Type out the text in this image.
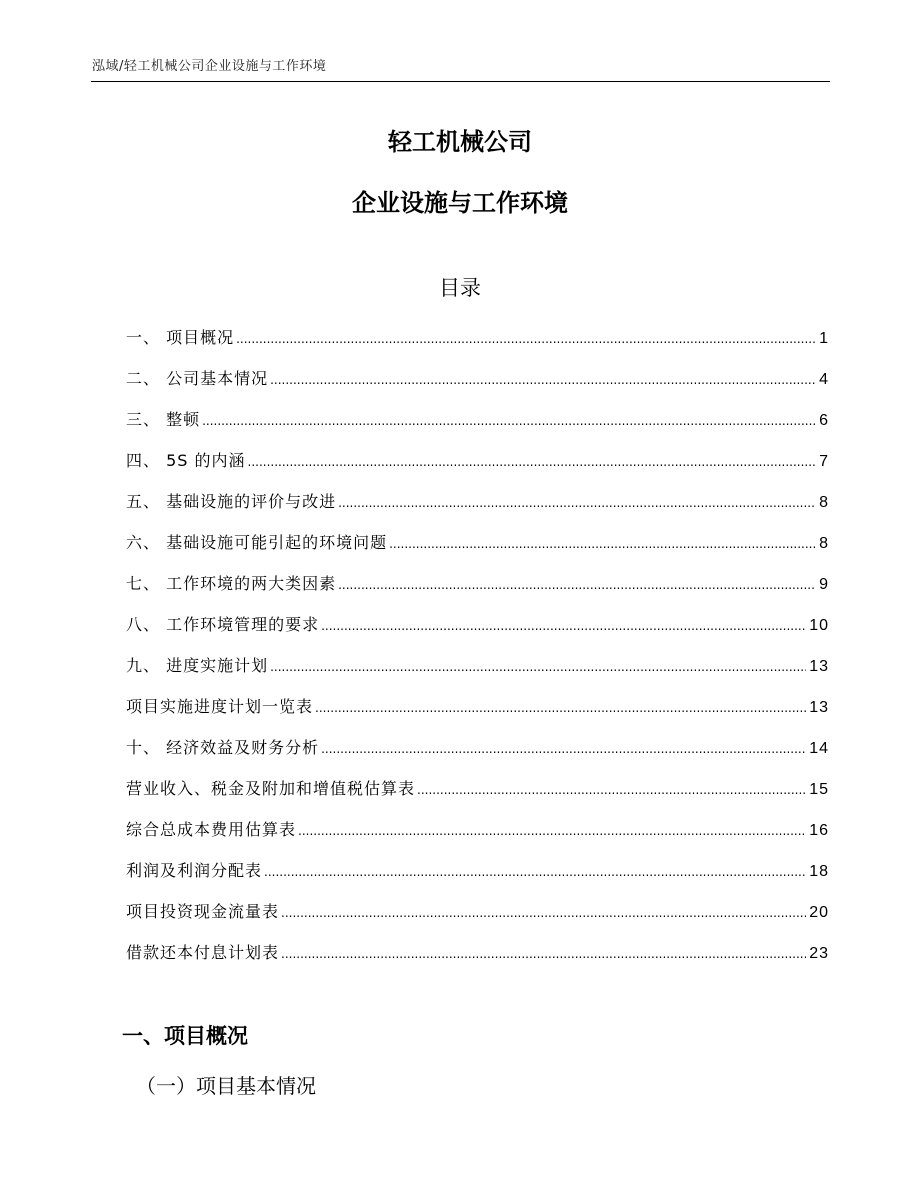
泓域/轻工机械公司企业设施与工作环境
轻工机械公司
企业设施与工作环境
目录
一、 项目概况 .....	1
二、 公司基本情况 .....	4
三、 整顿 .....	6
四、 5S 的内涵 .....	7
五、 基础设施的评价与改进 .....	8
六、 基础设施可能引起的环境问题 .....	8
七、 工作环境的两大类因素 .....	9
八、 工作环境管理的要求 .....	10
九、 进度实施计划 .....	13
项目实施进度计划一览表 .....	13
十、 经济效益及财务分析 .....	14
营业收入、税金及附加和增值税估算表 .....	15
综合总成本费用估算表 .....	16
利润及利润分配表 .....	18
项目投资现金流量表 .....	20
借款还本付息计划表 .....	23
一、项目概况
（一）项目基本情况
